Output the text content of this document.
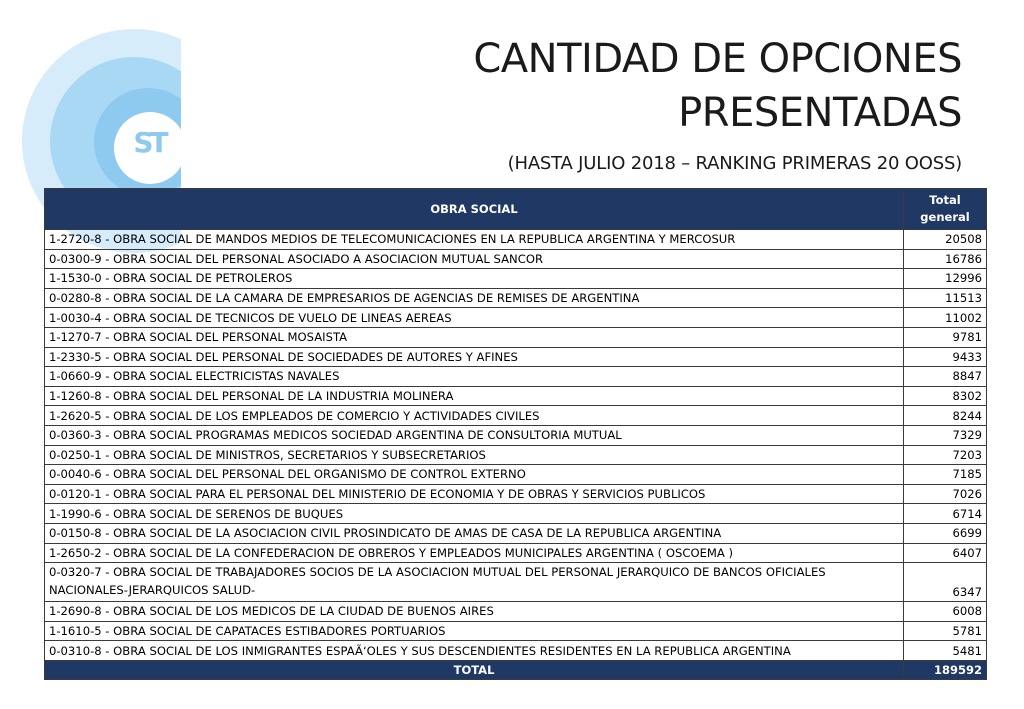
ST
CANTIDAD DE OPCIONES
PRESENTADAS
(HASTA JULIO 2018 – RANKING PRIMERAS 20 OOSS)
OBRA SOCIAL	Total general
1-2720-8 - OBRA SOCIAL DE MANDOS MEDIOS DE TELECOMUNICACIONES EN LA REPUBLICA ARGENTINA Y MERCOSUR	20508
0-0300-9 - OBRA SOCIAL DEL PERSONAL ASOCIADO A ASOCIACION MUTUAL SANCOR	16786
1-1530-0 - OBRA SOCIAL DE PETROLEROS	12996
0-0280-8 - OBRA SOCIAL DE LA CAMARA DE EMPRESARIOS DE AGENCIAS DE REMISES DE ARGENTINA	11513
1-0030-4 - OBRA SOCIAL DE TECNICOS DE VUELO DE LINEAS AEREAS	11002
1-1270-7 - OBRA SOCIAL DEL PERSONAL MOSAISTA	9781
1-2330-5 - OBRA SOCIAL DEL PERSONAL DE SOCIEDADES DE AUTORES Y AFINES	9433
1-0660-9 - OBRA SOCIAL ELECTRICISTAS NAVALES	8847
1-1260-8 - OBRA SOCIAL DEL PERSONAL DE LA INDUSTRIA MOLINERA	8302
1-2620-5 - OBRA SOCIAL DE LOS EMPLEADOS DE COMERCIO Y ACTIVIDADES CIVILES	8244
0-0360-3 - OBRA SOCIAL PROGRAMAS MEDICOS SOCIEDAD ARGENTINA DE CONSULTORIA MUTUAL	7329
0-0250-1 - OBRA SOCIAL DE MINISTROS, SECRETARIOS Y SUBSECRETARIOS	7203
0-0040-6 - OBRA SOCIAL DEL PERSONAL DEL ORGANISMO DE CONTROL EXTERNO	7185
0-0120-1 - OBRA SOCIAL PARA EL PERSONAL DEL MINISTERIO DE ECONOMIA Y DE OBRAS Y SERVICIOS PUBLICOS	7026
1-1990-6 - OBRA SOCIAL DE SERENOS DE BUQUES	6714
0-0150-8 - OBRA SOCIAL DE LA ASOCIACION CIVIL PROSINDICATO DE AMAS DE CASA DE LA REPUBLICA ARGENTINA	6699
1-2650-2 - OBRA SOCIAL DE LA CONFEDERACION DE OBREROS Y EMPLEADOS MUNICIPALES ARGENTINA ( OSCOEMA )	6407
0-0320-7 - OBRA SOCIAL DE TRABAJADORES SOCIOS DE LA ASOCIACION MUTUAL DEL PERSONAL JERARQUICO DE BANCOS OFICIALES NACIONALES-JERARQUICOS SALUD-	6347
1-2690-8 - OBRA SOCIAL DE LOS MEDICOS DE LA CIUDAD DE BUENOS AIRES	6008
1-1610-5 - OBRA SOCIAL DE CAPATACES ESTIBADORES PORTUARIOS	5781
0-0310-8 - OBRA SOCIAL DE LOS INMIGRANTES ESPAÃ‘OLES Y SUS DESCENDIENTES RESIDENTES EN LA REPUBLICA ARGENTINA	5481
TOTAL	189592
